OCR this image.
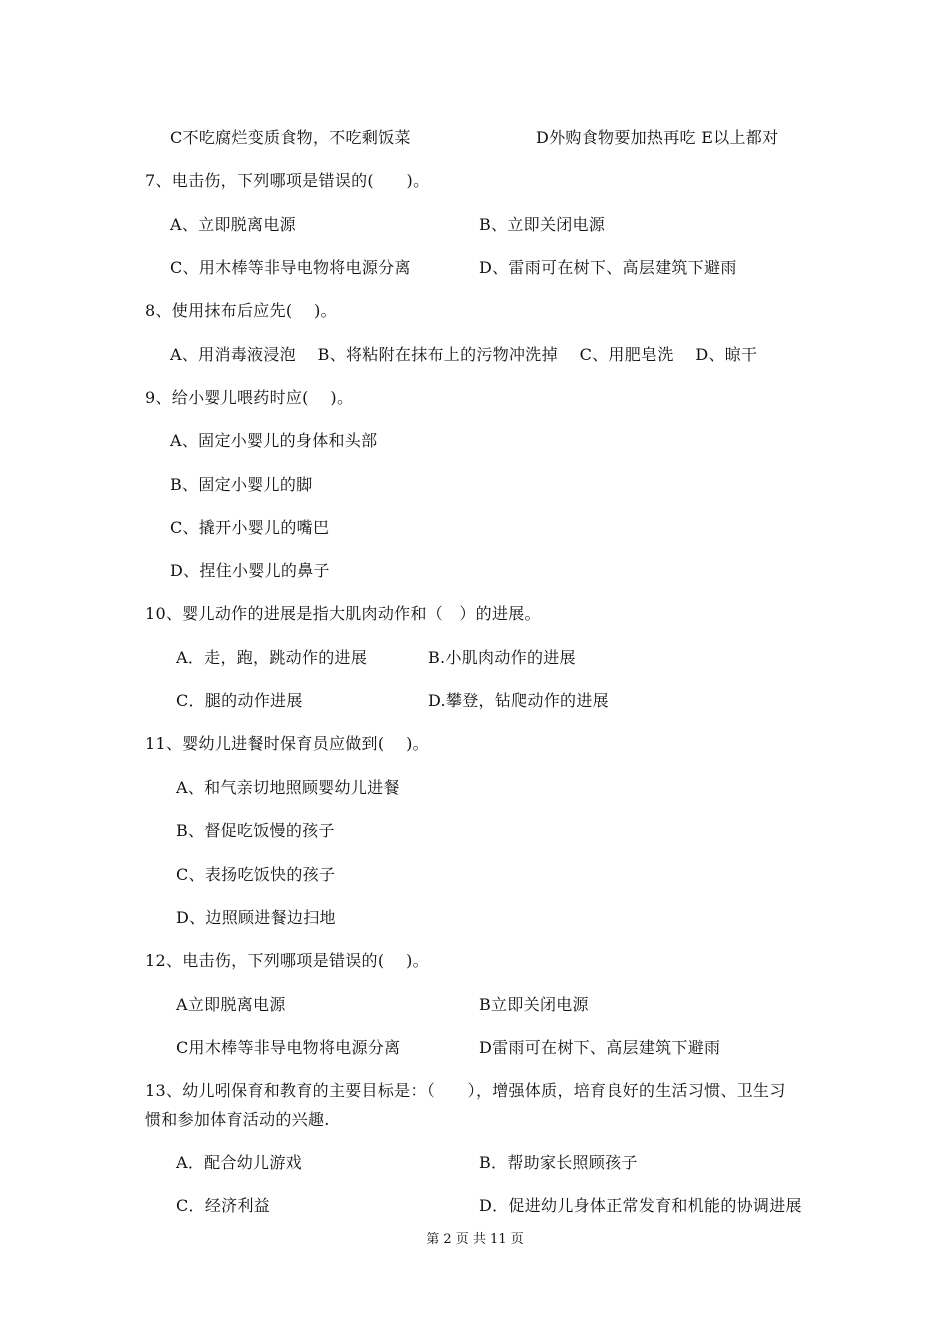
C不吃腐烂变质食物，不吃剩饭菜	D外购食物要加热再吃 E以上都对
7、电击伤，下列哪项是错误的(　　)。
A、立即脱离电源	B、立即关闭电源
C、用木棒等非导电物将电源分离	D、雷雨可在树下、高层建筑下避雨
8、使用抹布后应先(　 )。
A、用消毒液浸泡　 B、将粘附在抹布上的污物冲洗掉　 C、用肥皂洗　 D、晾干
9、给小婴儿喂药时应(　 )。
A、固定小婴儿的身体和头部
B、固定小婴儿的脚
C、撬开小婴儿的嘴巴
D、捏住小婴儿的鼻子
10、婴儿动作的进展是指大肌肉动作和（　）的进展。
A．走，跑，跳动作的进展	B.小肌肉动作的进展
C．腿的动作进展	D.攀登，钻爬动作的进展
11、婴幼儿进餐时保育员应做到(　 )。
A、和气亲切地照顾婴幼儿进餐
B、督促吃饭慢的孩子
C、表扬吃饭快的孩子
D、边照顾进餐边扫地
12、电击伤，下列哪项是错误的(　 )。
A立即脱离电源	B立即关闭电源
C用木棒等非导电物将电源分离	D雷雨可在树下、高层建筑下避雨
13、幼儿吲保育和教育的主要目标是：（　　），增强体质，培育良好的生活习惯、卫生习
惯和参加体育活动的兴趣.
A．配合幼儿游戏	B．帮助家长照顾孩子
C．经济利益	D．促进幼儿身体正常发育和机能的协调进展
第 2 页 共 11 页
